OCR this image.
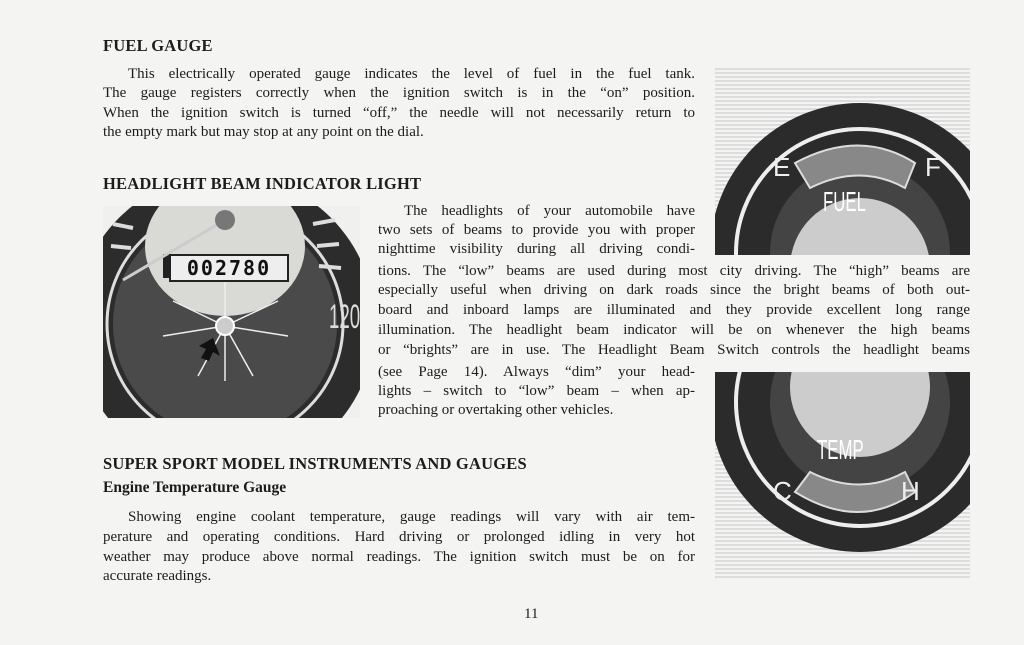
FUEL GAUGE
This electrically operated gauge indicates the level of fuel in the fuel tank.
The gauge registers correctly when the ignition switch is in the “on” position.
When the ignition switch is turned “off,” the needle will not necessarily return to
the empty mark but may stop at any point on the dial.
HEADLIGHT BEAM INDICATOR LIGHT
The headlights of your automobile have
two sets of beams to provide you with proper
nighttime visibility during all driving condi-
tions. The “low” beams are used during most city driving. The “high” beams are
especially useful when driving on dark roads since the bright beams of both out-
board and inboard lamps are illuminated and they provide excellent long range
illumination. The headlight beam indicator will be on whenever the high beams
or “brights” are in use. The Headlight Beam Switch controls the headlight beams
(see Page 14). Always “dim” your head-
lights – switch to “low” beam – when ap-
proaching or overtaking other vehicles.
SUPER SPORT MODEL INSTRUMENTS AND GAUGES
Engine Temperature Gauge
Showing engine coolant temperature, gauge readings will vary with air tem-
perature and operating conditions. Hard driving or prolonged idling in very hot
weather may produce above normal readings. The ignition switch must be on for
accurate readings.
002780
120
E	F
FUEL
TEMP
C	H
11
